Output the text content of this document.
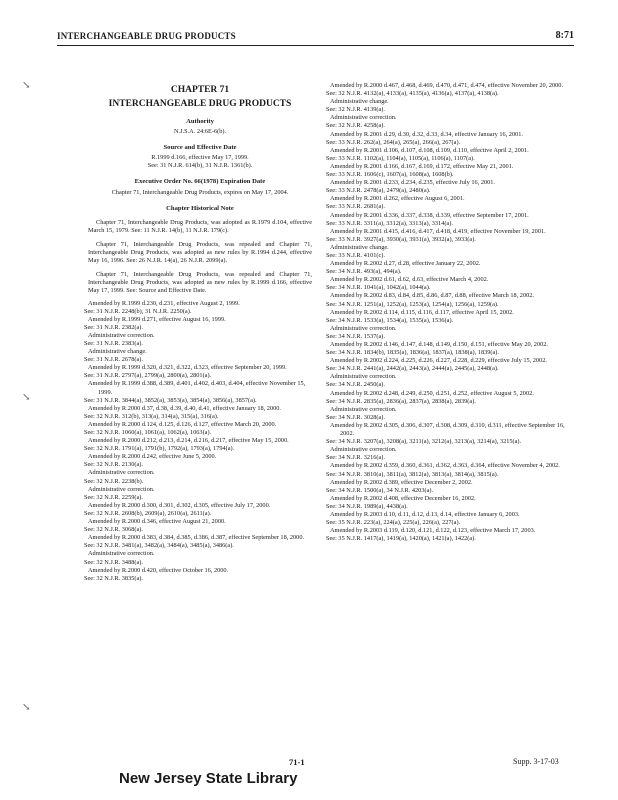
INTERCHANGEABLE DRUG PRODUCTS	8:71
↘
↘
↘
CHAPTER 71
INTERCHANGEABLE DRUG PRODUCTS
Authority
N.J.S.A. 24:6E-6(b).
Source and Effective Date
R.1999 d.166, effective May 17, 1999.
See: 31 N.J.R. 614(b), 31 N.J.R. 1361(b).
Executive Order No. 66(1978) Expiration Date
Chapter 71, Interchangeable Drug Products, expires on May 17, 2004.
Chapter Historical Note
Chapter 71, Interchangeable Drug Products, was adopted as R.1979 d.104, effective March 15, 1979. See: 11 N.J.R. 14(b), 11 N.J.R. 179(c).
Chapter 71, Interchangeable Drug Products, was repealed and Chapter 71, Interchangeable Drug Products, was adopted as new rules by R.1994 d.244, effective May 16, 1996. See: 26 N.J.R. 14(a), 26 N.J.R. 2099(a).
Chapter 71, Interchangeable Drug Products, was repealed and Chapter 71, Interchangeable Drug Products, was adopted as new rules by R.1999 d.166, effective May 17, 1999. See: Source and Effective Date.
Amended by R.1999 d.230, d.231, effective August 2, 1999.
See: 31 N.J.R. 2248(b), 31 N.J.R. 2250(a).
Amended by R.1999 d.271, effective August 16, 1999.
See: 31 N.J.R. 2382(a).
Administrative correction.
See: 31 N.J.R. 2383(a).
Administrative change.
See: 31 N.J.R. 2678(a).
Amended by R.1999 d.320, d.321, d.322, d.323, effective September 20, 1999.
See: 31 N.J.R. 2797(a), 2799(a), 2800(a), 2801(a).
Amended by R.1999 d.388, d.389, d.401, d.402, d.403, d.404, effective November 15, 1999.
See: 31 N.J.R. 3844(a), 3852(a), 3853(a), 3854(a), 3856(a), 3857(a).
Amended by R.2000 d.37, d.38, d.39, d.40, d.41, effective January 18, 2000.
See: 32 N.J.R. 312(b), 313(a), 314(a), 315(a), 316(a).
Amended by R.2000 d.124, d.125, d.126, d.127, effective March 20, 2000.
See: 32 N.J.R. 1060(a), 1061(a), 1062(a), 1063(a).
Amended by R.2000 d.212, d.213, d.214, d.216, d.217, effective May 15, 2000.
See: 32 N.J.R. 1791(a), 1791(b), 1792(a), 1793(a), 1794(a).
Amended by R.2000 d.242, effective June 5, 2000.
See: 32 N.J.R. 2130(a).
Administrative correction.
See: 32 N.J.R. 2238(b).
Administrative correction.
See: 32 N.J.R. 2259(a).
Amended by R.2000 d.300, d.301, d.302, d.305, effective July 17, 2000.
See: 32 N.J.R. 2608(b), 2609(a), 2610(a), 2611(a).
Amended by R.2000 d.346, effective August 21, 2000.
See: 32 N.J.R. 3068(a).
Amended by R.2000 d.383, d.384, d.385, d.386, d.387, effective September 18, 2000.
See: 32 N.J.R. 3481(a), 3482(a), 3484(a), 3485(a), 3486(a).
Administrative correction.
See: 32 N.J.R. 3488(a).
Amended by R.2000 d.420, effective October 16, 2000.
See: 32 N.J.R. 3835(a).
Amended by R.2000 d.467, d.468, d.469, d.470, d.471, d.474, effective November 20, 2000.
See: 32 N.J.R. 4132(a), 4133(a), 4135(a), 4136(a), 4137(a), 4138(a).
Administrative change.
See: 32 N.J.R. 4139(a).
Administrative correction.
See: 32 N.J.R. 4258(a).
Amended by R.2001 d.29, d.30, d.32, d.33, d.34, effective January 16, 2001.
See: 33 N.J.R. 262(a), 264(a), 265(a), 266(a), 267(a).
Amended by R.2001 d.106, d.107, d.108, d.109, d.110, effective April 2, 2001.
See: 33 N.J.R. 1102(a), 1104(a), 1105(a), 1106(a), 1107(a).
Amended by R.2001 d.166, d.167, d.169, d.172, effective May 21, 2001.
See: 33 N.J.R. 1606(c), 1607(a), 1608(a), 1608(b).
Amended by R.2001 d.233, d.234, d.235, effective July 16, 2001.
See: 33 N.J.R. 2478(a), 2479(a), 2480(a).
Amended by R.2001 d.262, effective August 6, 2001.
See: 33 N.J.R. 2681(a).
Amended by R.2001 d.336, d.337, d.338, d.339, effective September 17, 2001.
See: 33 N.J.R. 3311(a), 3312(a), 3313(a), 3314(a).
Amended by R.2001 d.415, d.416, d.417, d.418, d.419, effective November 19, 2001.
See: 33 N.J.R. 3927(a), 3930(a), 3931(a), 3932(a), 3933(a).
Administrative change.
See: 33 N.J.R. 4101(c).
Amended by R.2002 d.27, d.28, effective January 22, 2002.
See: 34 N.J.R. 493(a), 494(a).
Amended by R.2002 d.61, d.62, d.63, effective March 4, 2002.
See: 34 N.J.R. 1041(a), 1042(a), 1044(a).
Amended by R.2002 d.83, d.84, d.85, d.86, d.87, d.88, effective March 18, 2002.
See: 34 N.J.R. 1251(a), 1252(a), 1253(a), 1254(a), 1256(a), 1259(a).
Amended by R.2002 d.114, d.115, d.116, d.117, effective April 15, 2002.
See: 34 N.J.R. 1533(a), 1534(a), 1535(a), 1536(a).
Administrative correction.
See: 34 N.J.R. 1537(a).
Amended by R.2002 d.146, d.147, d.148, d.149, d.150, d.151, effective May 20, 2002.
See: 34 N.J.R. 1834(b), 1835(a), 1836(a), 1837(a), 1838(a), 1839(a).
Amended by R.2002 d.224, d.225, d.226, d.227, d.228, d.229, effective July 15, 2002.
See: 34 N.J.R. 2441(a), 2442(a), 2443(a), 2444(a), 2445(a), 2448(a).
Administrative correction.
See: 34 N.J.R. 2450(a).
Amended by R.2002 d.248, d.249, d.250, d.251, d.252, effective August 5, 2002.
See: 34 N.J.R. 2835(a), 2836(a), 2837(a), 2838(a), 2839(a).
Administrative correction.
See: 34 N.J.R. 3028(a).
Amended by R.2002 d.305, d.306, d.307, d.308, d.309, d.310, d.311, effective September 16, 2002.
See: 34 N.J.R. 3207(a), 3208(a), 3211(a), 3212(a), 3213(a), 3214(a), 3215(a).
Administrative correction.
See: 34 N.J.R. 3216(a).
Amended by R.2002 d.359, d.360, d.361, d.362, d.363, d.364, effective November 4, 2002.
See: 34 N.J.R. 3810(a), 3811(a), 3812(a), 3813(a), 3814(a), 3815(a).
Amended by R.2002 d.389, effective December 2, 2002.
See: 34 N.J.R. 1500(a), 34 N.J.R. 4203(a).
Amended by R.2002 d.408, effective December 16, 2002.
See: 34 N.J.R. 1989(a), 4438(a).
Amended by R.2003 d.10, d.11, d.12, d.13, d.14, effective January 6, 2003.
See: 35 N.J.R. 223(a), 224(a), 225(a), 226(a), 227(a).
Amended by R.2003 d.119, d.120, d.121, d.122, d.123, effective March 17, 2003.
See: 35 N.J.R. 1417(a), 1419(a), 1420(a), 1421(a), 1422(a).
71-1	Supp. 3-17-03
New Jersey State Library
